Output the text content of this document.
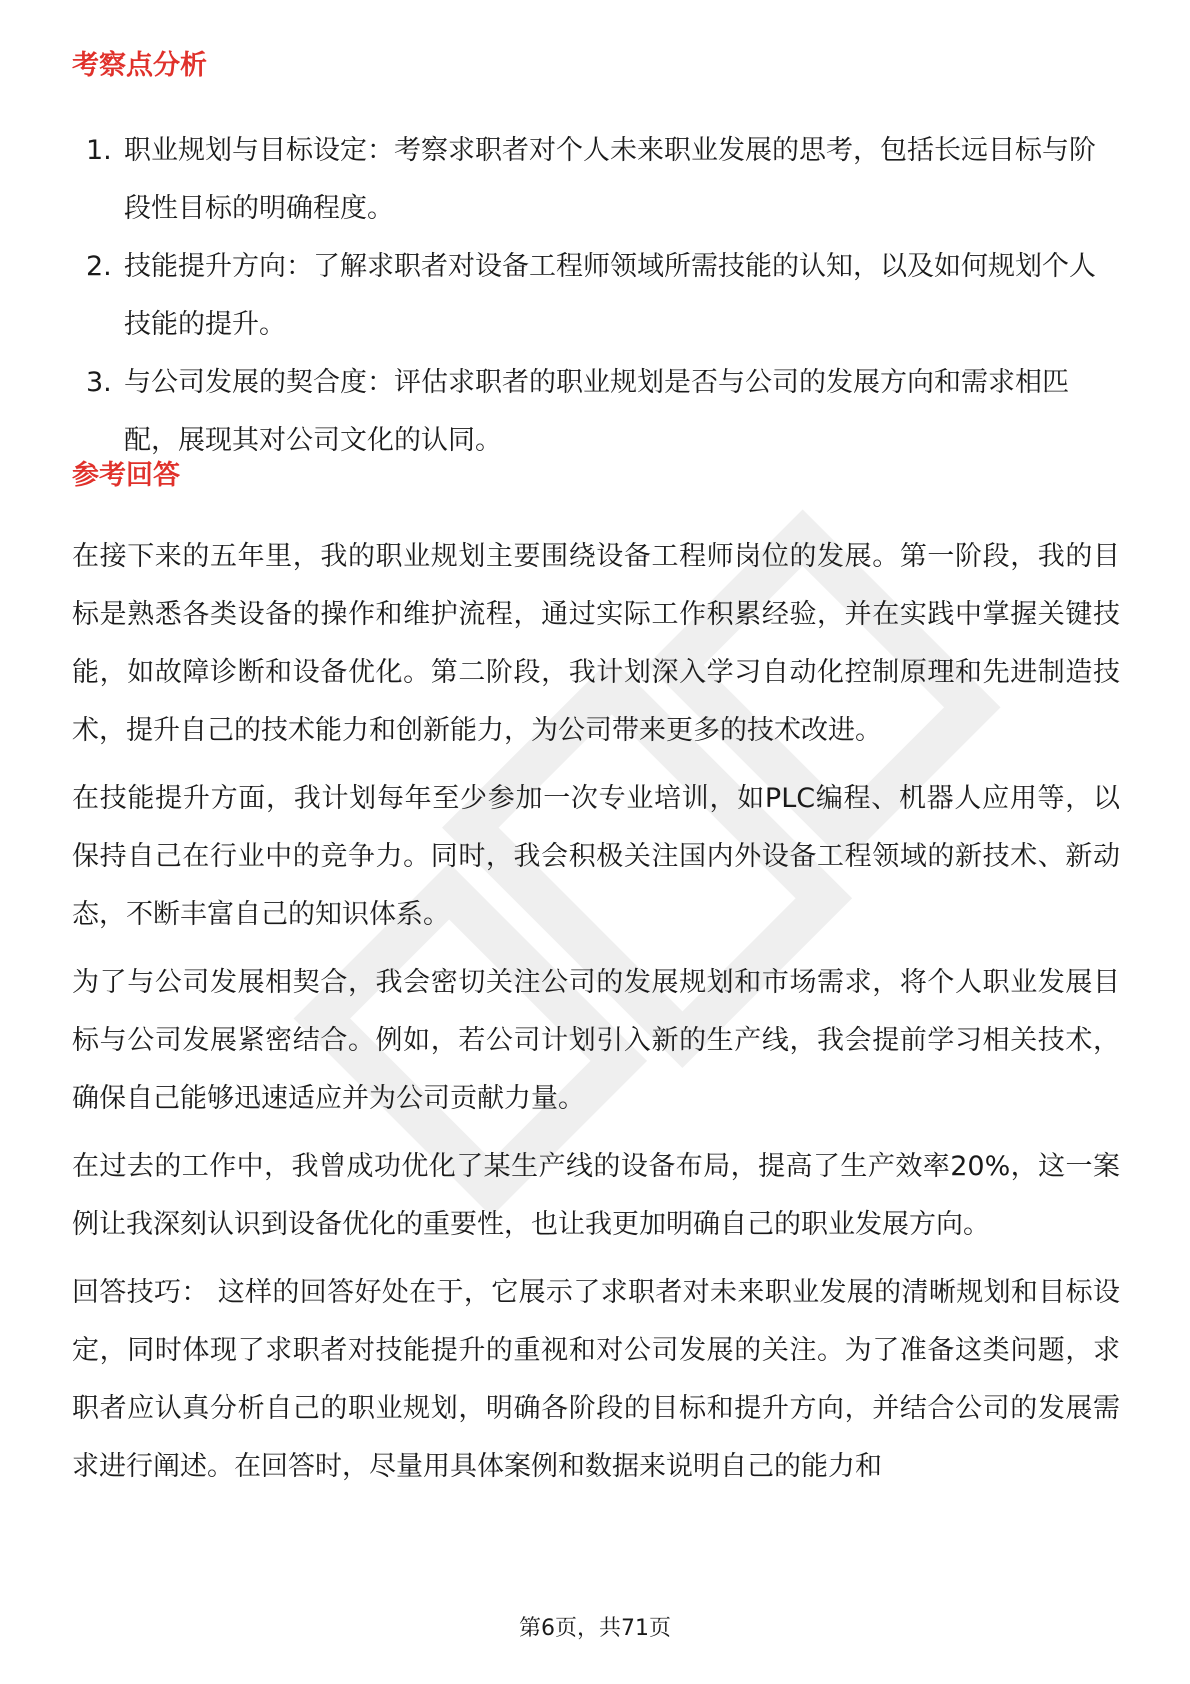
考察点分析
1. 职业规划与目标设定：考察求职者对个人未来职业发展的思考，包括长远目标与阶段性目标的明确程度。
2. 技能提升方向：了解求职者对设备工程师领域所需技能的认知，以及如何规划个人技能的提升。
3. 与公司发展的契合度：评估求职者的职业规划是否与公司的发展方向和需求相匹配，展现其对公司文化的认同。
参考回答

在接下来的五年里，我的职业规划主要围绕设备工程师岗位的发展。第一阶段，我的目标是熟悉各类设备的操作和维护流程，通过实际工作积累经验，并在实践中掌握关键技能，如故障诊断和设备优化。第二阶段，我计划深入学习自动化控制原理和先进制造技术，提升自己的技术能力和创新能力，为公司带来更多的技术改进。

在技能提升方面，我计划每年至少参加一次专业培训，如PLC编程、机器人应用等，以保持自己在行业中的竞争力。同时，我会积极关注国内外设备工程领域的新技术、新动态，不断丰富自己的知识体系。

为了与公司发展相契合，我会密切关注公司的发展规划和市场需求，将个人职业发展目标与公司发展紧密结合。例如，若公司计划引入新的生产线，我会提前学习相关技术，确保自己能够迅速适应并为公司贡献力量。

在过去的工作中，我曾成功优化了某生产线的设备布局，提高了生产效率20%，这一案例让我深刻认识到设备优化的重要性，也让我更加明确自己的职业发展方向。

回答技巧： 这样的回答好处在于，它展示了求职者对未来职业发展的清晰规划和目标设定，同时体现了求职者对技能提升的重视和对公司发展的关注。为了准备这类问题，求职者应认真分析自己的职业规划，明确各阶段的目标和提升方向，并结合公司的发展需求进行阐述。在回答时，尽量用具体案例和数据来说明自己的能力和

第6页，共71页
